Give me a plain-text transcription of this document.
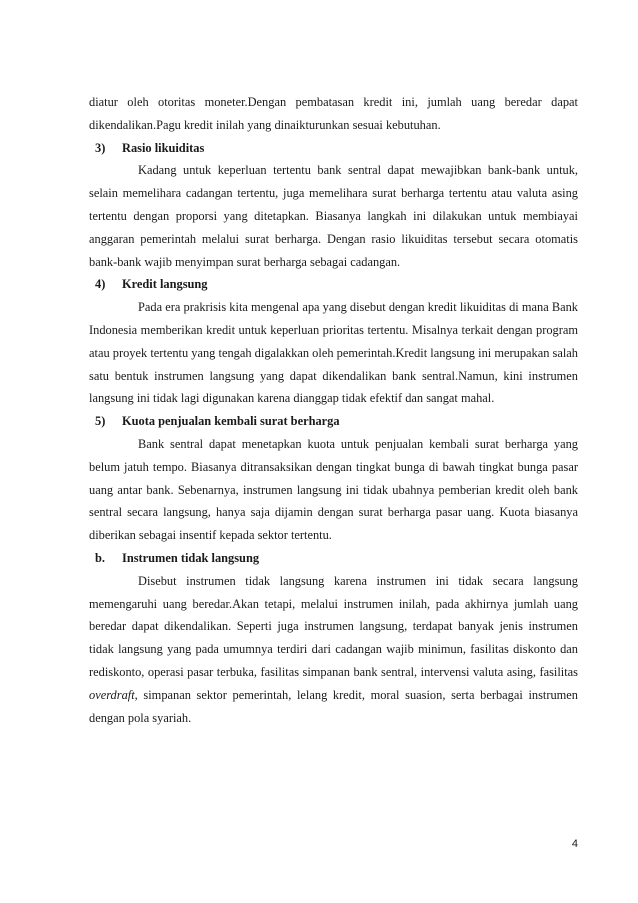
diatur oleh otoritas moneter.Dengan pembatasan kredit ini, jumlah uang beredar dapat dikendalikan.Pagu kredit inilah yang dinaikturunkan sesuai kebutuhan.

3)	Rasio likuiditas

Kadang untuk keperluan tertentu bank sentral dapat mewajibkan bank-bank untuk, selain memelihara cadangan tertentu, juga memelihara surat berharga tertentu atau valuta asing tertentu dengan proporsi yang ditetapkan. Biasanya langkah ini dilakukan untuk membiayai anggaran pemerintah melalui surat berharga. Dengan rasio likuiditas tersebut secara otomatis bank-bank wajib menyimpan surat berharga sebagai cadangan.

4)	Kredit langsung

Pada era prakrisis kita mengenal apa yang disebut dengan kredit likuiditas di mana Bank Indonesia memberikan kredit untuk keperluan prioritas tertentu. Misalnya terkait dengan program atau proyek tertentu yang tengah digalakkan oleh pemerintah.Kredit langsung ini merupakan salah satu bentuk instrumen langsung yang dapat dikendalikan bank sentral.Namun, kini instrumen langsung ini tidak lagi digunakan karena dianggap tidak efektif dan sangat mahal.

5)	Kuota penjualan kembali surat berharga

Bank sentral dapat menetapkan kuota untuk penjualan kembali surat berharga yang belum jatuh tempo. Biasanya ditransaksikan dengan tingkat bunga di bawah tingkat bunga pasar uang antar bank. Sebenarnya, instrumen langsung ini tidak ubahnya pemberian kredit oleh bank sentral secara langsung, hanya saja dijamin dengan surat berharga pasar uang. Kuota biasanya diberikan sebagai insentif kepada sektor tertentu.

b.	Instrumen tidak langsung

Disebut instrumen tidak langsung karena instrumen ini tidak secara langsung memengaruhi uang beredar.Akan tetapi, melalui instrumen inilah, pada akhirnya jumlah uang beredar dapat dikendalikan. Seperti juga instrumen langsung, terdapat banyak jenis instrumen tidak langsung yang pada umumnya terdiri dari cadangan wajib minimun, fasilitas diskonto dan rediskonto, operasi pasar terbuka, fasilitas simpanan bank sentral, intervensi valuta asing, fasilitas overdraft, simpanan sektor pemerintah, lelang kredit, moral suasion, serta berbagai instrumen dengan pola syariah.

4
